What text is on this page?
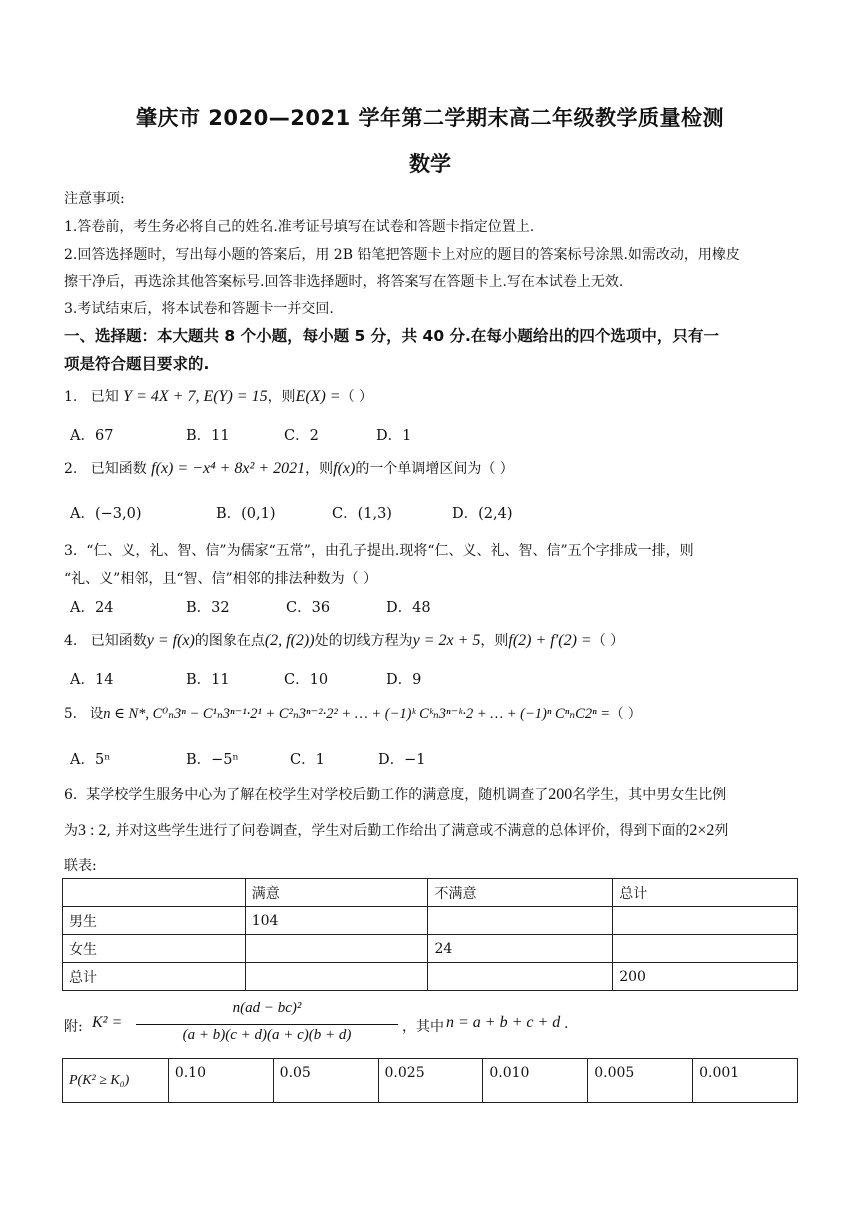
肇庆市 2020—2021 学年第二学期末高二年级教学质量检测
数学
注意事项:
1.答卷前，考生务必将自己的姓名.准考证号填写在试卷和答题卡指定位置上.
2.回答选择题时，写出每小题的答案后，用 2B 铅笔把答题卡上对应的题目的答案标号涂黑.如需改动，用橡皮
擦干净后，再选涂其他答案标号.回答非选择题时，将答案写在答题卡上.写在本试卷上无效.
3.考试结束后，将本试卷和答题卡一并交回.
一、选择题：本大题共 8 个小题，每小题 5 分，共 40 分.在每小题给出的四个选项中，只有一
项是符合题目要求的.
1. 已知 Y = 4X + 7, E(Y) = 15，则E(X) =（ ）
A．67	B．11	C．2	D．1
2. 已知函数 f(x) = −x⁴ + 8x² + 2021，则f(x)的一个单调增区间为（ ）
A．(−3,0)	B．(0,1)	C．(1,3)	D．(2,4)
3. “仁、义，礼、智、信”为儒家“五常”，由孔子提出.现将“仁、义、礼、智、信”五个字排成一排，则
“礼、义”相邻，且“智、信”相邻的排法种数为（ ）
A．24	B．32	C．36	D．48
4. 已知函数y = f(x)的图象在点(2, f(2))处的切线方程为y = 2x + 5，则f(2) + f′(2) =（ ）
A．14	B．11	C．10	D．9
5. 设n ∈ N*, C⁰ₙ3ⁿ − C¹ₙ3ⁿ⁻¹·2¹ + C²ₙ3ⁿ⁻²·2² + … + (−1)ᵏ Cᵏₙ3ⁿ⁻ᵏ·2 + … + (−1)ⁿ CⁿₙC2ⁿ =（ ）
A．5ⁿ	B．−5ⁿ	C．1	D．−1
6. 某学校学生服务中心为了解在校学生对学校后勤工作的满意度，随机调查了200名学生，其中男女生比例
为3 : 2, 并对这些学生进行了问卷调查，学生对后勤工作给出了满意或不满意的总体评价，得到下面的2×2列
联表:
	满意	不满意	总计
男生	104		
女生		24	
总计			200
附: K² =
n(ad − bc)²
(a + b)(c + d)(a + c)(b + d)	，其中 n = a + b + c + d .
P(K² ≥ K₀)	0.10	0.05	0.025	0.010	0.005	0.001
